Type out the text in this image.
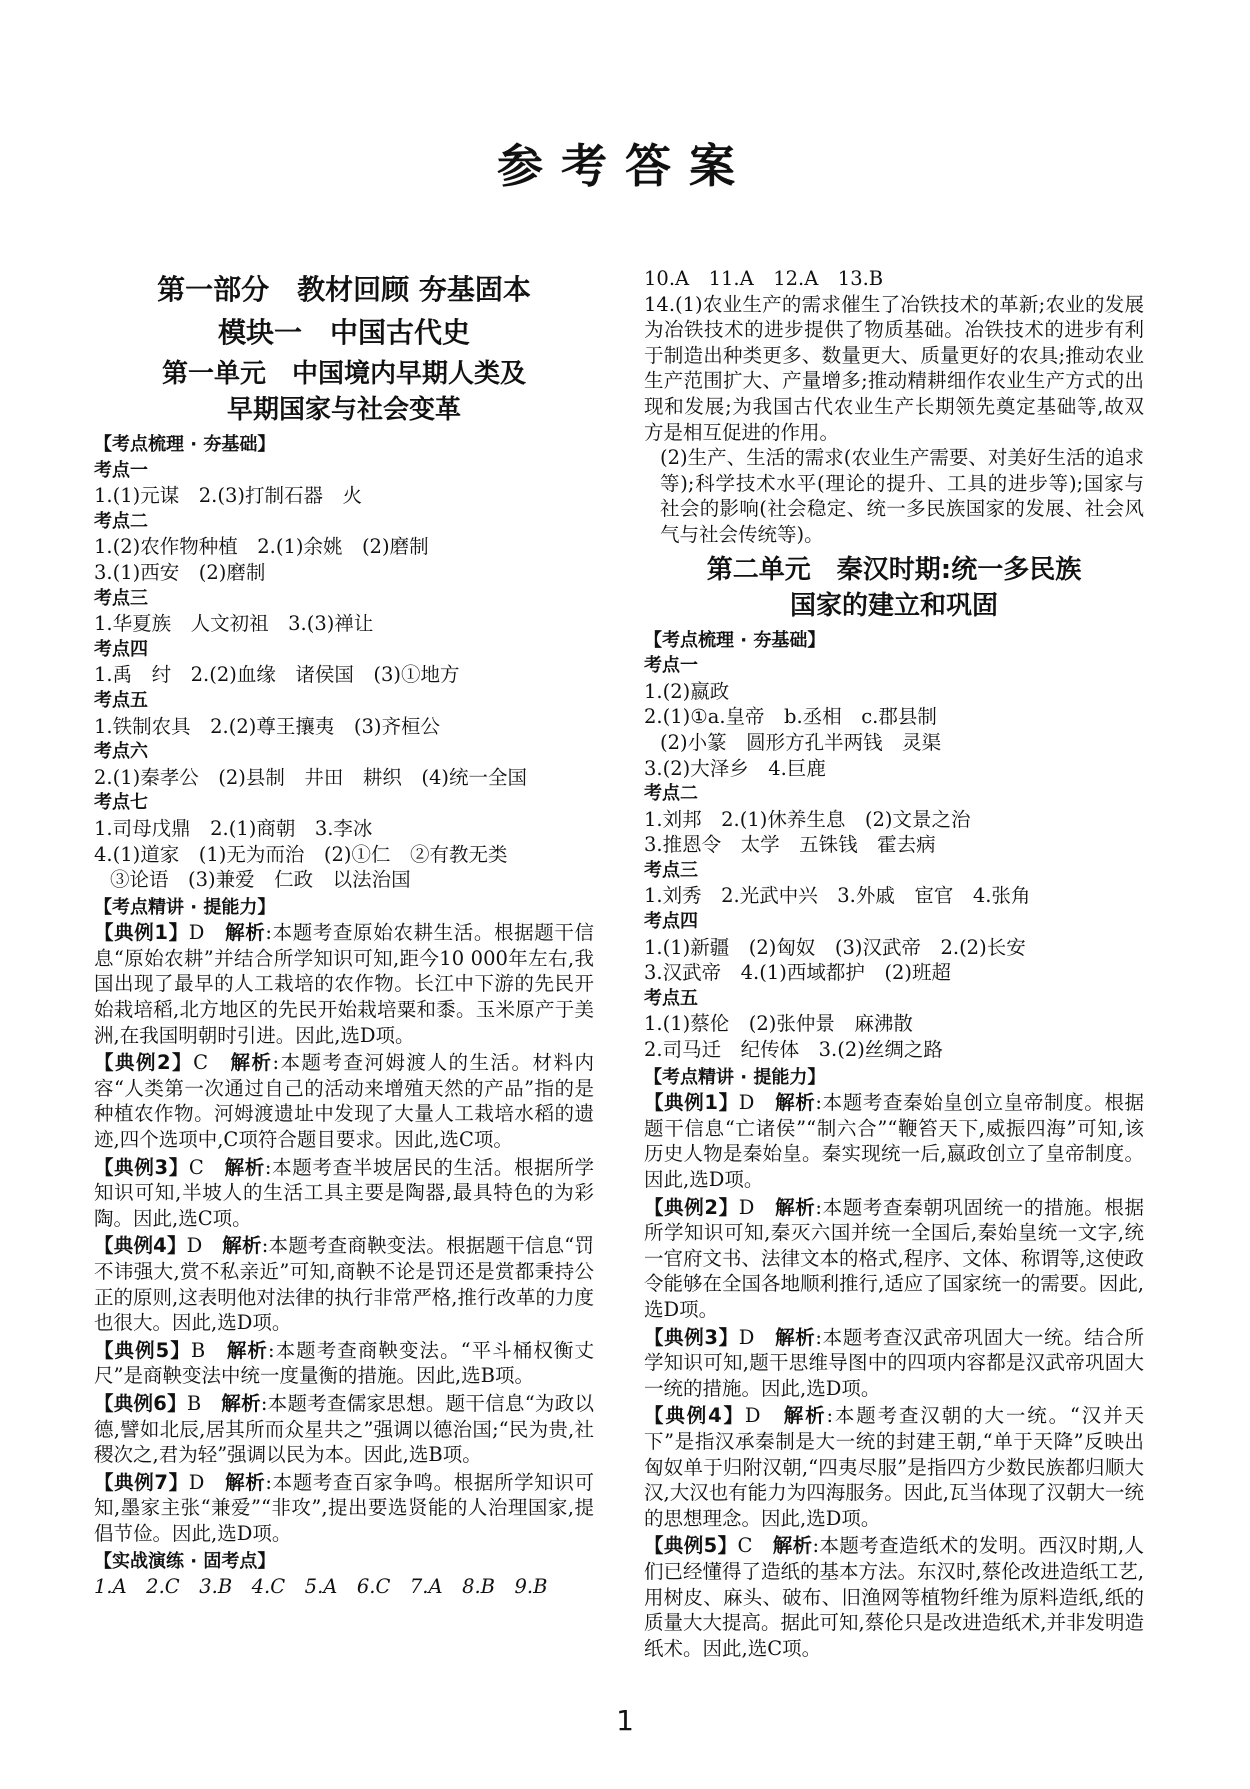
参考答案
第一部分　教材回顾 夯基固本
模块一　中国古代史
第一单元　中国境内早期人类及
早期国家与社会变革
【考点梳理 · 夯基础】
考点一
1.(1)元谋　2.(3)打制石器　火
考点二
1.(2)农作物种植　2.(1)余姚　(2)磨制
3.(1)西安　(2)磨制
考点三
1.华夏族　人文初祖　3.(3)禅让
考点四
1.禹　纣　2.(2)血缘　诸侯国　(3)①地方
考点五
1.铁制农具　2.(2)尊王攘夷　(3)齐桓公
考点六
2.(1)秦孝公　(2)县制　井田　耕织　(4)统一全国
考点七
1.司母戊鼎　2.(1)商朝　3.李冰
4.(1)道家　(1)无为而治　(2)①仁　②有教无类
③论语　(3)兼爱　仁政　以法治国
【考点精讲 · 提能力】
【典例1】D　解析:本题考查原始农耕生活。根据题干信息“原始农耕”并结合所学知识可知,距今10 000年左右,我国出现了最早的人工栽培的农作物。长江中下游的先民开始栽培稻,北方地区的先民开始栽培粟和黍。玉米原产于美洲,在我国明朝时引进。因此,选D项。
【典例2】C　解析:本题考查河姆渡人的生活。材料内容“人类第一次通过自己的活动来增殖天然的产品”指的是种植农作物。河姆渡遗址中发现了大量人工栽培水稻的遗迹,四个选项中,C项符合题目要求。因此,选C项。
【典例3】C　解析:本题考查半坡居民的生活。根据所学知识可知,半坡人的生活工具主要是陶器,最具特色的为彩陶。因此,选C项。
【典例4】D　解析:本题考查商鞅变法。根据题干信息“罚不讳强大,赏不私亲近”可知,商鞅不论是罚还是赏都秉持公正的原则,这表明他对法律的执行非常严格,推行改革的力度也很大。因此,选D项。
【典例5】B　解析:本题考查商鞅变法。“平斗桶权衡丈尺”是商鞅变法中统一度量衡的措施。因此,选B项。
【典例6】B　解析:本题考查儒家思想。题干信息“为政以德,譬如北辰,居其所而众星共之”强调以德治国;“民为贵,社稷次之,君为轻”强调以民为本。因此,选B项。
【典例7】D　解析:本题考查百家争鸣。根据所学知识可知,墨家主张“兼爱”“非攻”,提出要选贤能的人治理国家,提倡节俭。因此,选D项。
【实战演练 · 固考点】
1.A　2.C　3.B　4.C　5.A　6.C　7.A　8.B　9.B
10.A　11.A　12.A　13.B
14.(1)农业生产的需求催生了冶铁技术的革新;农业的发展为冶铁技术的进步提供了物质基础。冶铁技术的进步有利于制造出种类更多、数量更大、质量更好的农具;推动农业生产范围扩大、产量增多;推动精耕细作农业生产方式的出现和发展;为我国古代农业生产长期领先奠定基础等,故双方是相互促进的作用。
(2)生产、生活的需求(农业生产需要、对美好生活的追求等);科学技术水平(理论的提升、工具的进步等);国家与社会的影响(社会稳定、统一多民族国家的发展、社会风气与社会传统等)。
第二单元　秦汉时期:统一多民族
国家的建立和巩固
【考点梳理 · 夯基础】
考点一
1.(2)嬴政
2.(1)①a.皇帝　b.丞相　c.郡县制
(2)小篆　圆形方孔半两钱　灵渠
3.(2)大泽乡　4.巨鹿
考点二
1.刘邦　2.(1)休养生息　(2)文景之治
3.推恩令　太学　五铢钱　霍去病
考点三
1.刘秀　2.光武中兴　3.外戚　宦官　4.张角
考点四
1.(1)新疆　(2)匈奴　(3)汉武帝　2.(2)长安
3.汉武帝　4.(1)西域都护　(2)班超
考点五
1.(1)蔡伦　(2)张仲景　麻沸散
2.司马迁　纪传体　3.(2)丝绸之路
【考点精讲 · 提能力】
【典例1】D　解析:本题考查秦始皇创立皇帝制度。根据题干信息“亡诸侯”“制六合”“鞭笞天下,威振四海”可知,该历史人物是秦始皇。秦实现统一后,嬴政创立了皇帝制度。因此,选D项。
【典例2】D　解析:本题考查秦朝巩固统一的措施。根据所学知识可知,秦灭六国并统一全国后,秦始皇统一文字,统一官府文书、法律文本的格式,程序、文体、称谓等,这使政令能够在全国各地顺利推行,适应了国家统一的需要。因此,选D项。
【典例3】D　解析:本题考查汉武帝巩固大一统。结合所学知识可知,题干思维导图中的四项内容都是汉武帝巩固大一统的措施。因此,选D项。
【典例4】D　解析:本题考查汉朝的大一统。“汉并天下”是指汉承秦制是大一统的封建王朝,“单于天降”反映出匈奴单于归附汉朝,“四夷尽服”是指四方少数民族都归顺大汉,大汉也有能力为四海服务。因此,瓦当体现了汉朝大一统的思想理念。因此,选D项。
【典例5】C　解析:本题考查造纸术的发明。西汉时期,人们已经懂得了造纸的基本方法。东汉时,蔡伦改进造纸工艺,用树皮、麻头、破布、旧渔网等植物纤维为原料造纸,纸的质量大大提高。据此可知,蔡伦只是改进造纸术,并非发明造纸术。因此,选C项。
1
